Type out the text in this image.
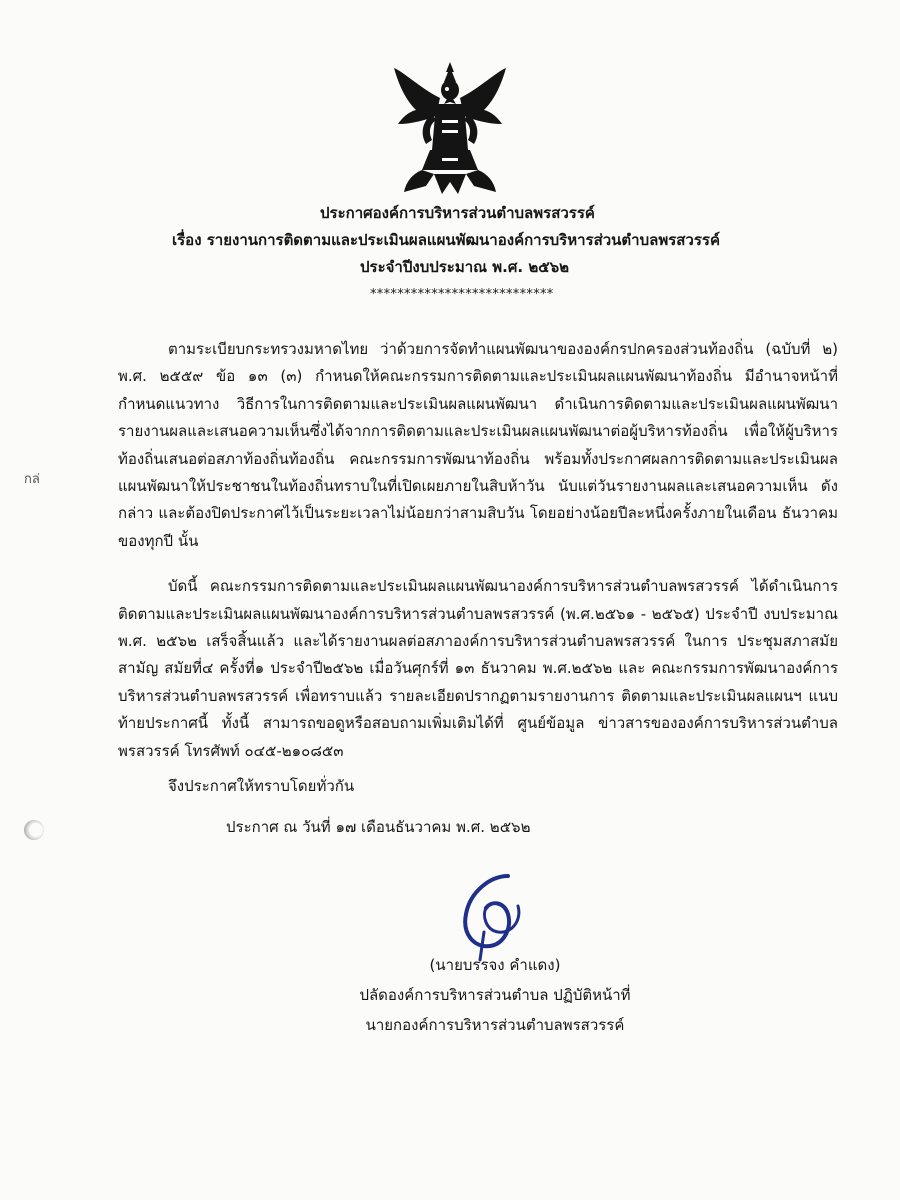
ประกาศองค์การบริหารส่วนตำบลพรสวรรค์
เรื่อง รายงานการติดตามและประเมินผลแผนพัฒนาองค์การบริหารส่วนตำบลพรสวรรค์
ประจำปีงบประมาณ พ.ศ. ๒๕๖๒
***************************

ตามระเบียบกระทรวงมหาดไทย ว่าด้วยการจัดทำแผนพัฒนาขององค์กรปกครองส่วนท้องถิ่น (ฉบับที่ ๒) พ.ศ. ๒๕๕๙ ข้อ ๑๓ (๓) กำหนดให้คณะกรรมการติดตามและประเมินผลแผนพัฒนาท้องถิ่น มีอำนาจหน้าที่ กำหนดแนวทาง วิธีการในการติดตามและประเมินผลแผนพัฒนา ดำเนินการติดตามและประเมินผลแผนพัฒนา รายงานผลและเสนอความเห็นซึ่งได้จากการติดตามและประเมินผลแผนพัฒนาต่อผู้บริหารท้องถิ่น เพื่อให้ผู้บริหาร ท้องถิ่นเสนอต่อสภาท้องถิ่นท้องถิ่น คณะกรรมการพัฒนาท้องถิ่น พร้อมทั้งประกาศผลการติดตามและประเมินผล แผนพัฒนาให้ประชาชนในท้องถิ่นทราบในที่เปิดเผยภายในสิบห้าวัน นับแต่วันรายงานผลและเสนอความเห็น ดังกล่าว และต้องปิดประกาศไว้เป็นระยะเวลาไม่น้อยกว่าสามสิบวัน โดยอย่างน้อยปีละหนึ่งครั้งภายในเดือน ธันวาคมของทุกปี นั้น

บัดนี้ คณะกรรมการติดตามและประเมินผลแผนพัฒนาองค์การบริหารส่วนตำบลพรสวรรค์ ได้ดำเนินการ ติดตามและประเมินผลแผนพัฒนาองค์การบริหารส่วนตำบลพรสวรรค์ (พ.ศ.๒๕๖๑ - ๒๕๖๕) ประจำปี งบประมาณ พ.ศ. ๒๕๖๒ เสร็จสิ้นแล้ว และได้รายงานผลต่อสภาองค์การบริหารส่วนตำบลพรสวรรค์ ในการ ประชุมสภาสมัยสามัญ สมัยที่๔ ครั้งที่๑ ประจำปี๒๕๖๒ เมื่อวันศุกร์ที่ ๑๓ ธันวาคม พ.ศ.๒๕๖๒ และ คณะกรรมการพัฒนาองค์การบริหารส่วนตำบลพรสวรรค์ เพื่อทราบแล้ว รายละเอียดปรากฏตามรายงานการ ติดตามและประเมินผลแผนฯ แนบท้ายประกาศนี้ ทั้งนี้ สามารถขอดูหรือสอบถามเพิ่มเติมได้ที่ ศูนย์ข้อมูล ข่าวสารขององค์การบริหารส่วนตำบลพรสวรรค์ โทรศัพท์ ๐๔๕-๒๑๐๘๕๓

จึงประกาศให้ทราบโดยทั่วกัน
ประกาศ ณ วันที่ ๑๗ เดือนธันวาคม พ.ศ. ๒๕๖๒
(นายบรรจง คำแดง)
ปลัดองค์การบริหารส่วนตำบล ปฏิบัติหน้าที่
นายกองค์การบริหารส่วนตำบลพรสวรรค์
กล่
